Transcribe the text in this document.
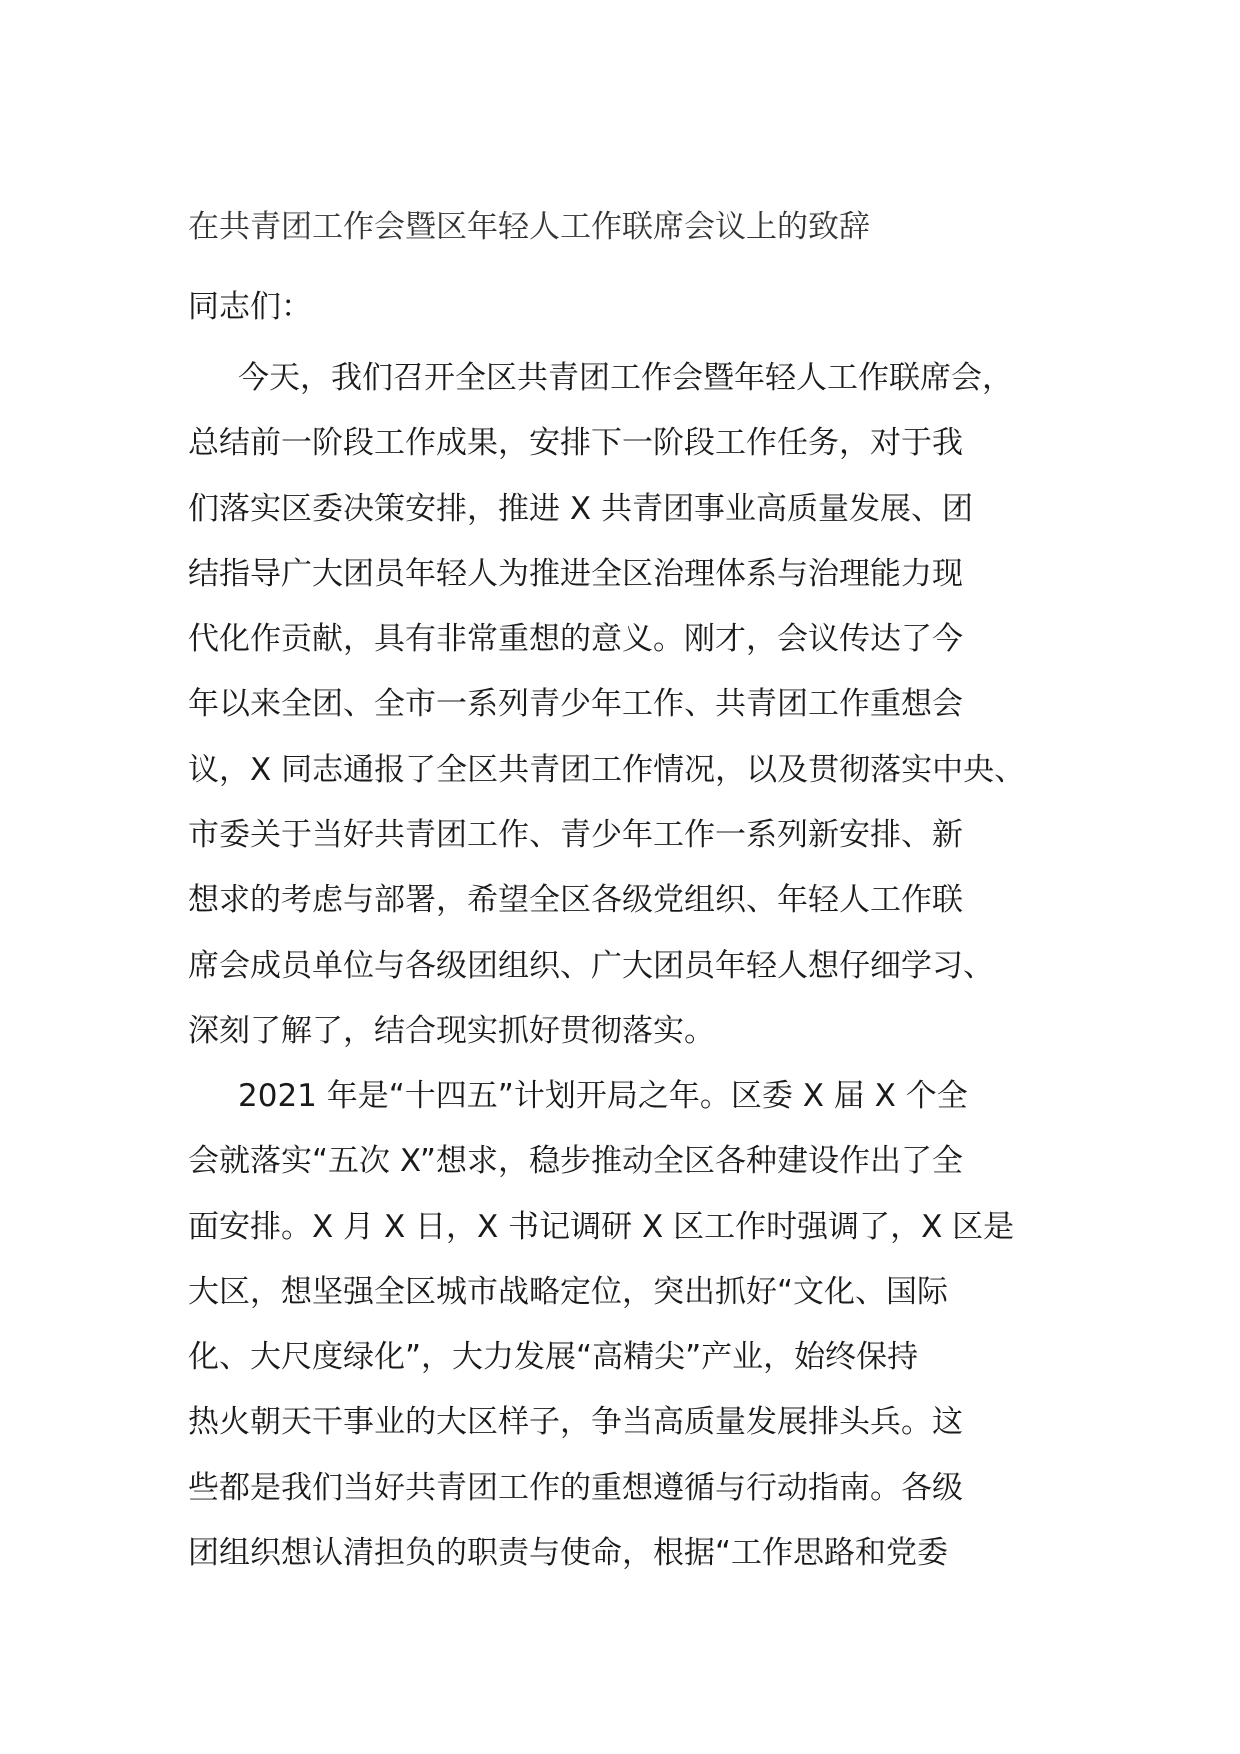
在共青团工作会暨区年轻人工作联席会议上的致辞
同志们：
今天，我们召开全区共青团工作会暨年轻人工作联席会，
总结前一阶段工作成果，安排下一阶段工作任务，对于我
们落实区委决策安排，推进 X 共青团事业高质量发展、团
结指导广大团员年轻人为推进全区治理体系与治理能力现
代化作贡献，具有非常重想的意义。刚才，会议传达了今
年以来全团、全市一系列青少年工作、共青团工作重想会
议，X 同志通报了全区共青团工作情况，以及贯彻落实中央、
市委关于当好共青团工作、青少年工作一系列新安排、新
想求的考虑与部署，希望全区各级党组织、年轻人工作联
席会成员单位与各级团组织、广大团员年轻人想仔细学习、
深刻了解了，结合现实抓好贯彻落实。
2021 年是“十四五”计划开局之年。区委 X 届 X 个全
会就落实“五次 X”想求，稳步推动全区各种建设作出了全
面安排。X 月 X 日，X 书记调研 X 区工作时强调了，X 区是
大区，想坚强全区城市战略定位，突出抓好“文化、国际
化、大尺度绿化”，大力发展“高精尖”产业，始终保持
热火朝天干事业的大区样子，争当高质量发展排头兵。这
些都是我们当好共青团工作的重想遵循与行动指南。各级
团组织想认清担负的职责与使命，根据“工作思路和党委
